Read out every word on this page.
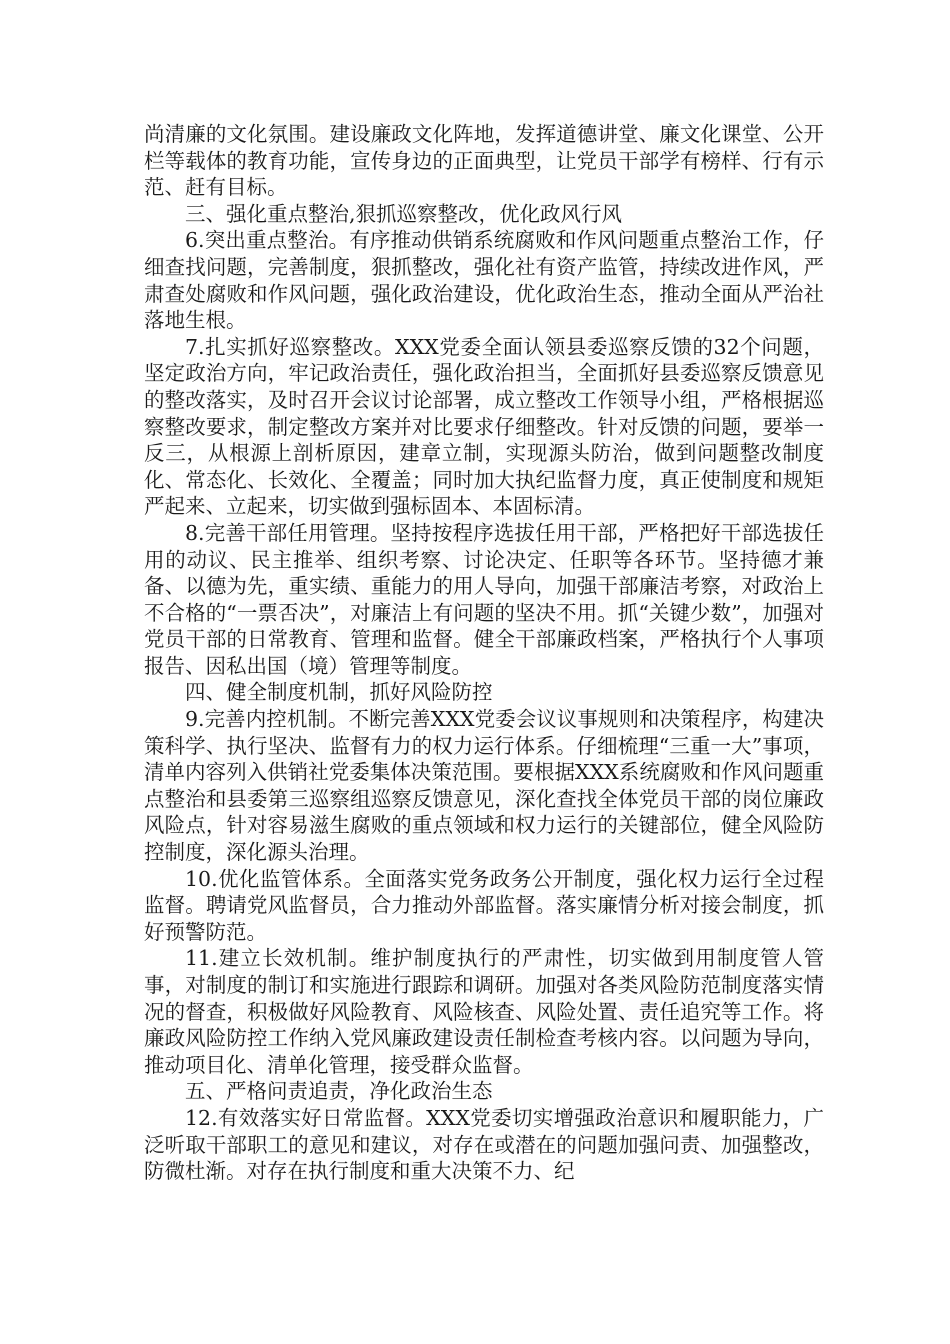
尚清廉的文化氛围。建设廉政文化阵地，发挥道德讲堂、廉文化课堂、公开栏等载体的教育功能，宣传身边的正面典型，让党员干部学有榜样、行有示范、赶有目标。

三、强化重点整治,狠抓巡察整改，优化政风行风

6.突出重点整治。有序推动供销系统腐败和作风问题重点整治工作，仔细查找问题，完善制度，狠抓整改，强化社有资产监管，持续改进作风，严肃查处腐败和作风问题，强化政治建设，优化政治生态，推动全面从严治社落地生根。

7.扎实抓好巡察整改。XXX党委全面认领县委巡察反馈的32个问题，坚定政治方向，牢记政治责任，强化政治担当，全面抓好县委巡察反馈意见的整改落实，及时召开会议讨论部署，成立整改工作领导小组，严格根据巡察整改要求，制定整改方案并对比要求仔细整改。针对反馈的问题，要举一反三，从根源上剖析原因，建章立制，实现源头防治，做到问题整改制度化、常态化、长效化、全覆盖；同时加大执纪监督力度，真正使制度和规矩严起来、立起来，切实做到强标固本、本固标清。

8.完善干部任用管理。坚持按程序选拔任用干部，严格把好干部选拔任用的动议、民主推举、组织考察、讨论决定、任职等各环节。坚持德才兼备、以德为先，重实绩、重能力的用人导向，加强干部廉洁考察，对政治上不合格的“一票否决”，对廉洁上有问题的坚决不用。抓“关键少数”，加强对党员干部的日常教育、管理和监督。健全干部廉政档案，严格执行个人事项报告、因私出国（境）管理等制度。

四、健全制度机制，抓好风险防控

9.完善内控机制。不断完善XXX党委会议议事规则和决策程序，构建决策科学、执行坚决、监督有力的权力运行体系。仔细梳理“三重一大”事项，清单内容列入供销社党委集体决策范围。要根据XXX系统腐败和作风问题重点整治和县委第三巡察组巡察反馈意见，深化查找全体党员干部的岗位廉政风险点，针对容易滋生腐败的重点领域和权力运行的关键部位，健全风险防控制度，深化源头治理。

10.优化监管体系。全面落实党务政务公开制度，强化权力运行全过程监督。聘请党风监督员，合力推动外部监督。落实廉情分析对接会制度，抓好预警防范。

11.建立长效机制。维护制度执行的严肃性，切实做到用制度管人管事，对制度的制订和实施进行跟踪和调研。加强对各类风险防范制度落实情况的督查，积极做好风险教育、风险核查、风险处置、责任追究等工作。将廉政风险防控工作纳入党风廉政建设责任制检查考核内容。以问题为导向，推动项目化、清单化管理，接受群众监督。

五、严格问责追责，净化政治生态

12.有效落实好日常监督。XXX党委切实增强政治意识和履职能力，广泛听取干部职工的意见和建议，对存在或潜在的问题加强问责、加强整改，防微杜渐。对存在执行制度和重大决策不力、纪
